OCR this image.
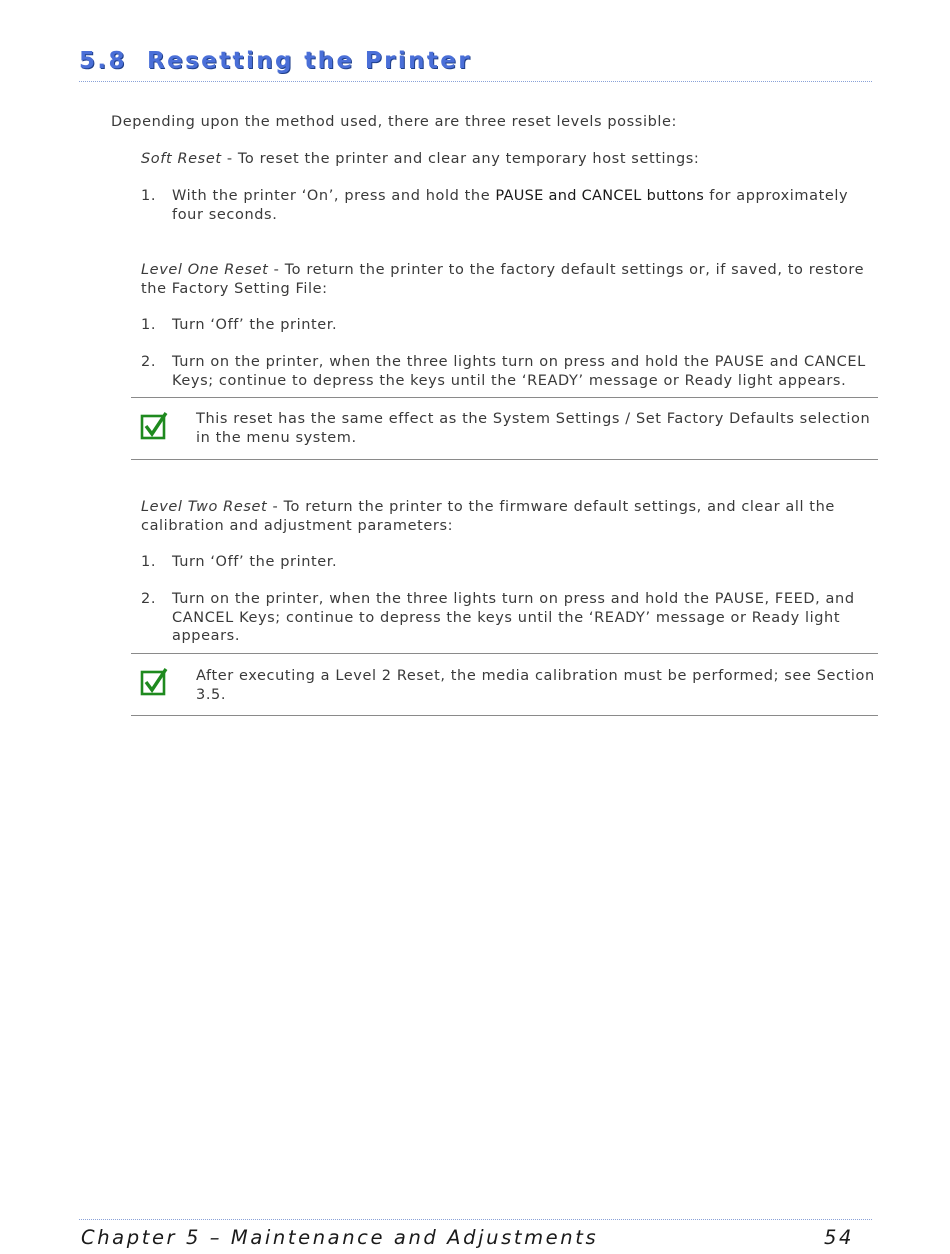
5.8 Resetting the Printer
Depending upon the method used, there are three reset levels possible:
Soft Reset - To reset the printer and clear any temporary host settings:
1. With the printer ‘On’, press and hold the PAUSE and CANCEL buttons for approximately
four seconds.
Level One Reset - To return the printer to the factory default settings or, if saved, to restore
the Factory Setting File:
1. Turn ‘Off’ the printer.
2. Turn on the printer, when the three lights turn on press and hold the PAUSE and CANCEL
Keys; continue to depress the keys until the ‘READY’ message or Ready light appears.
This reset has the same effect as the System Settings / Set Factory Defaults selection
in the menu system.
Level Two Reset - To return the printer to the firmware default settings, and clear all the
calibration and adjustment parameters:
1. Turn ‘Off’ the printer.
2. Turn on the printer, when the three lights turn on press and hold the PAUSE, FEED, and
CANCEL Keys; continue to depress the keys until the ‘READY’ message or Ready light
appears.
After executing a Level 2 Reset, the media calibration must be performed; see Section
3.5.
Chapter 5 – Maintenance and Adjustments	54
